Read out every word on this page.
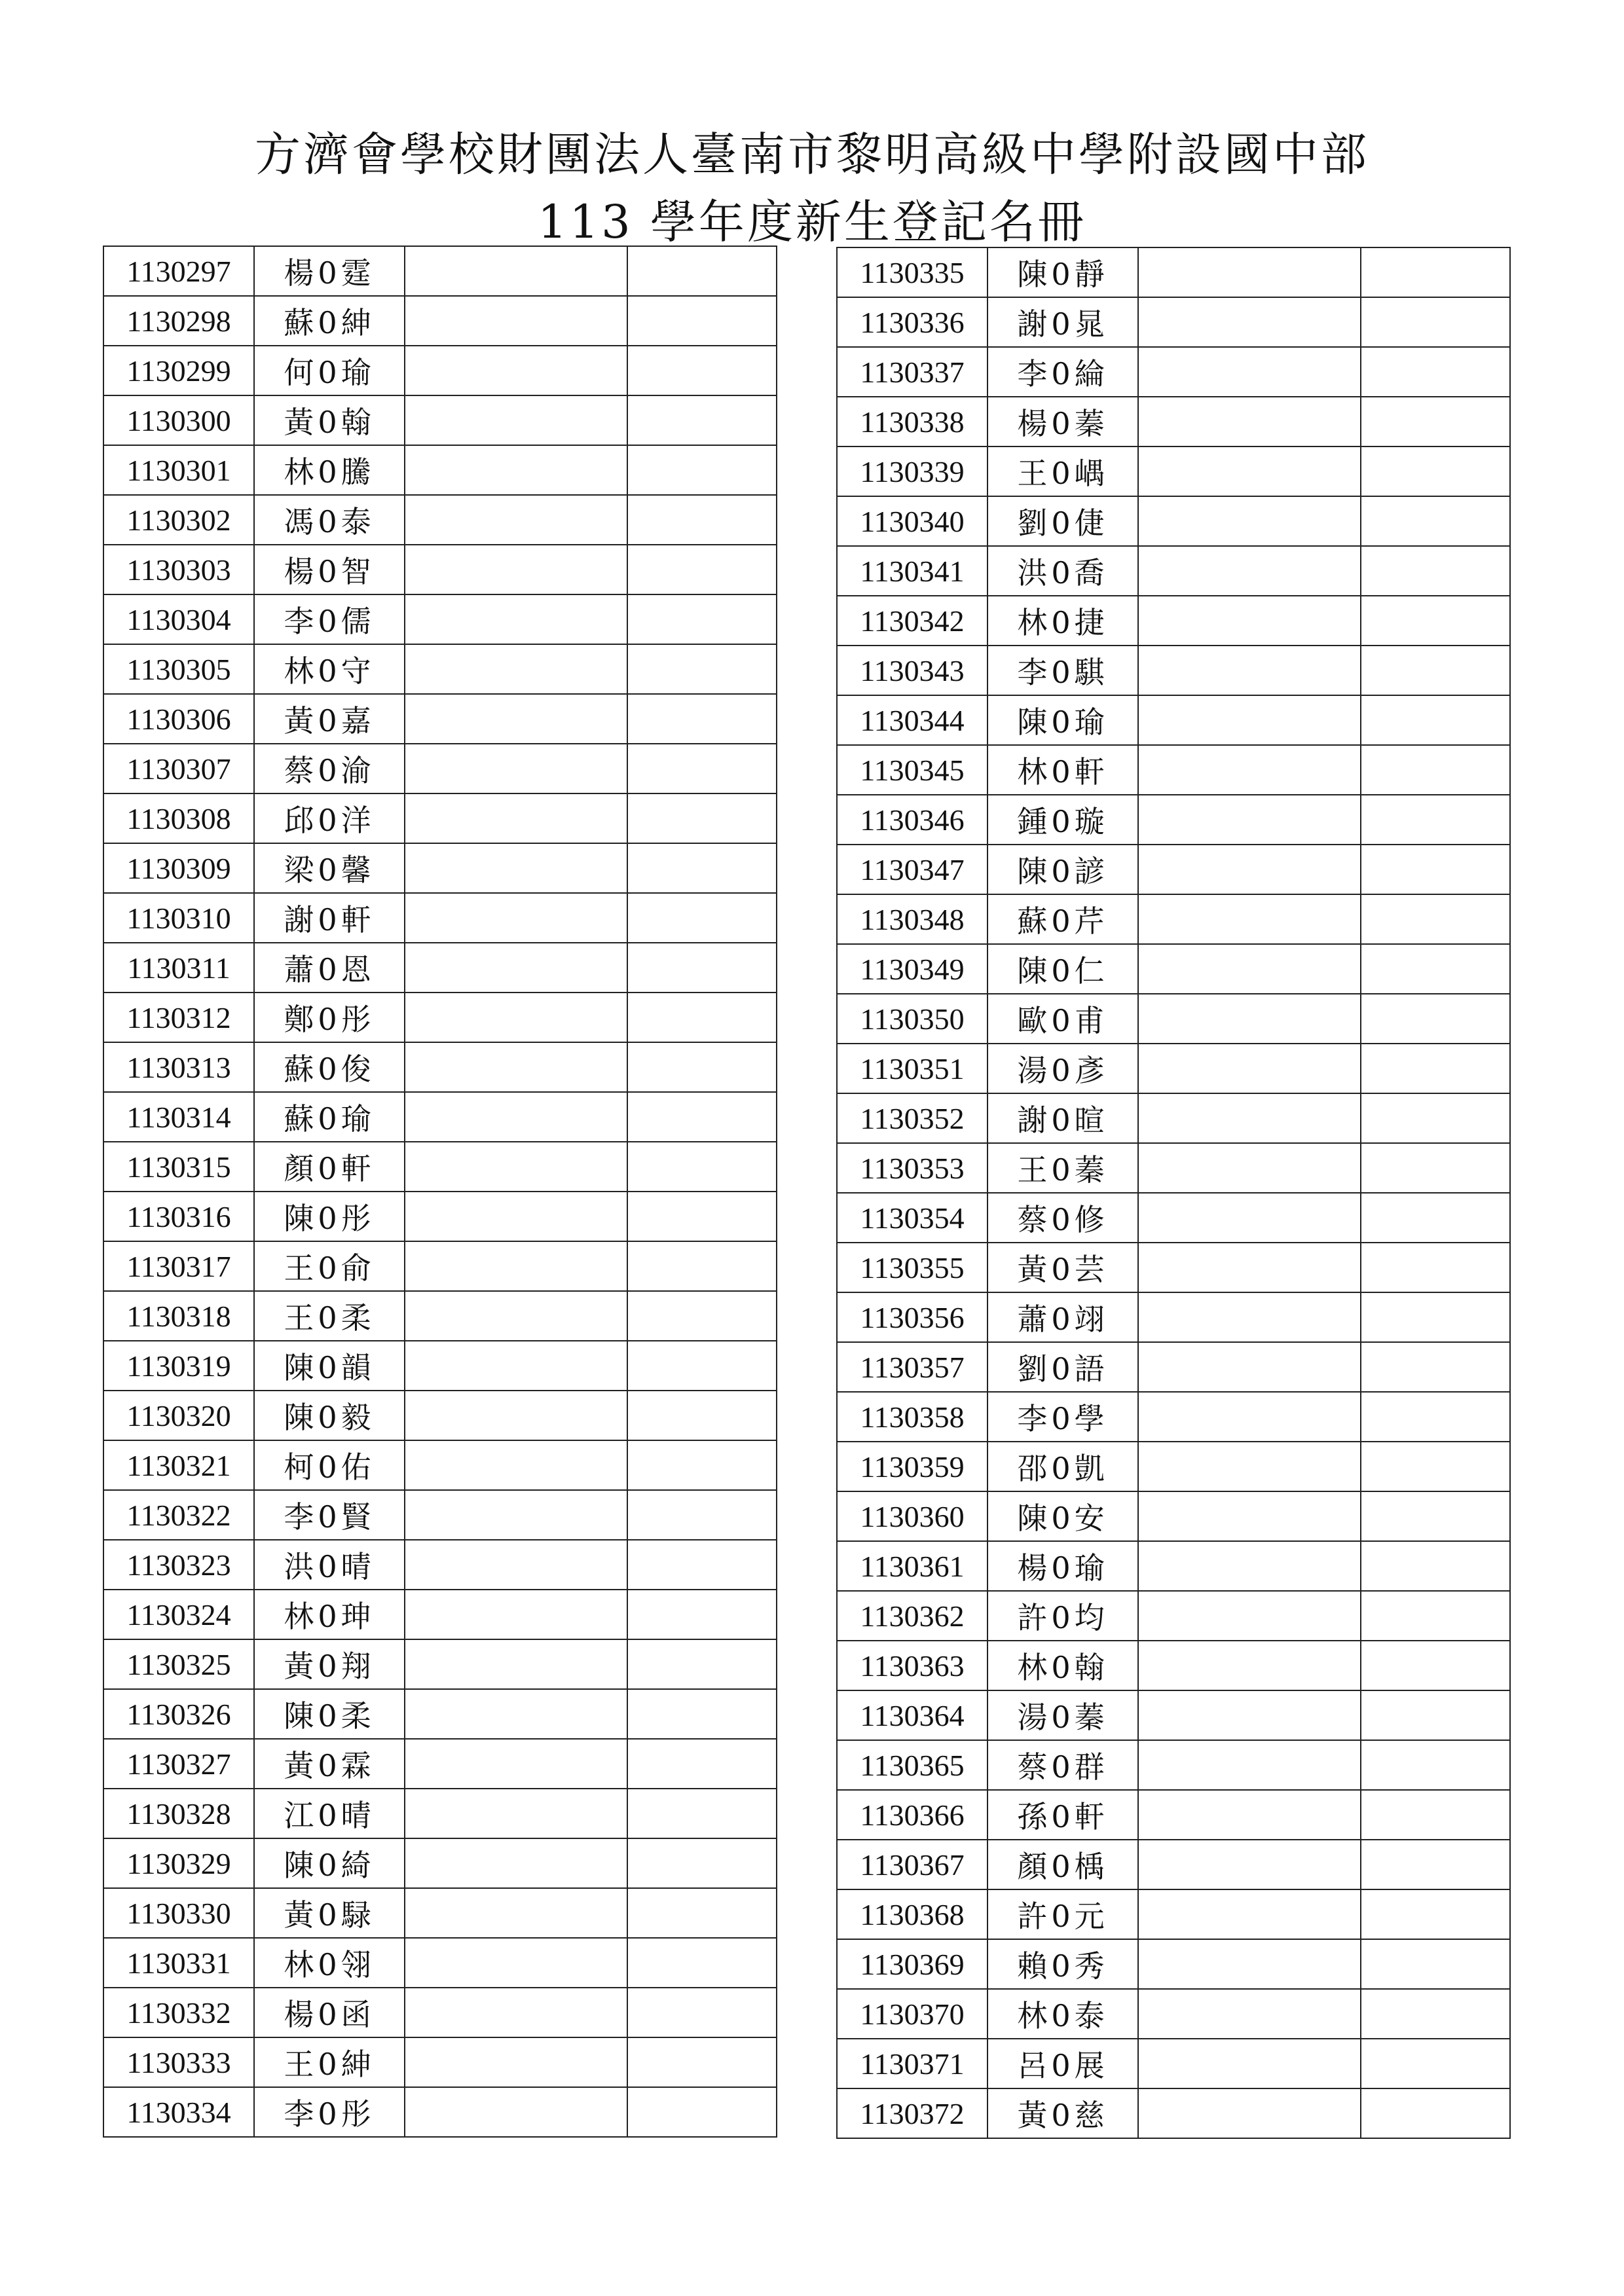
方濟會學校財團法人臺南市黎明高級中學附設國中部
113 學年度新生登記名冊
1130297	楊0霆		
1130298	蘇0紳		
1130299	何0瑜		
1130300	黃0翰		
1130301	林0騰		
1130302	馮0泰		
1130303	楊0智		
1130304	李0儒		
1130305	林0守		
1130306	黃0嘉		
1130307	蔡0渝		
1130308	邱0洋		
1130309	梁0馨		
1130310	謝0軒		
1130311	蕭0恩		
1130312	鄭0彤		
1130313	蘇0俊		
1130314	蘇0瑜		
1130315	顏0軒		
1130316	陳0彤		
1130317	王0俞		
1130318	王0柔		
1130319	陳0韻		
1130320	陳0毅		
1130321	柯0佑		
1130322	李0賢		
1130323	洪0晴		
1130324	林0珅		
1130325	黃0翔		
1130326	陳0柔		
1130327	黃0霖		
1130328	江0晴		
1130329	陳0綺		
1130330	黃0騄		
1130331	林0翎		
1130332	楊0函		
1130333	王0紳		
1130334	李0彤		
1130335	陳0靜		
1130336	謝0晁		
1130337	李0綸		
1130338	楊0蓁		
1130339	王0嵎		
1130340	劉0倢		
1130341	洪0喬		
1130342	林0捷		
1130343	李0騏		
1130344	陳0瑜		
1130345	林0軒		
1130346	鍾0璇		
1130347	陳0諺		
1130348	蘇0芹		
1130349	陳0仁		
1130350	歐0甫		
1130351	湯0彥		
1130352	謝0暄		
1130353	王0蓁		
1130354	蔡0修		
1130355	黃0芸		
1130356	蕭0翊		
1130357	劉0語		
1130358	李0學		
1130359	邵0凱		
1130360	陳0安		
1130361	楊0瑜		
1130362	許0均		
1130363	林0翰		
1130364	湯0蓁		
1130365	蔡0群		
1130366	孫0軒		
1130367	顏0楀		
1130368	許0元		
1130369	賴0秀		
1130370	林0泰		
1130371	呂0展		
1130372	黃0慈		
